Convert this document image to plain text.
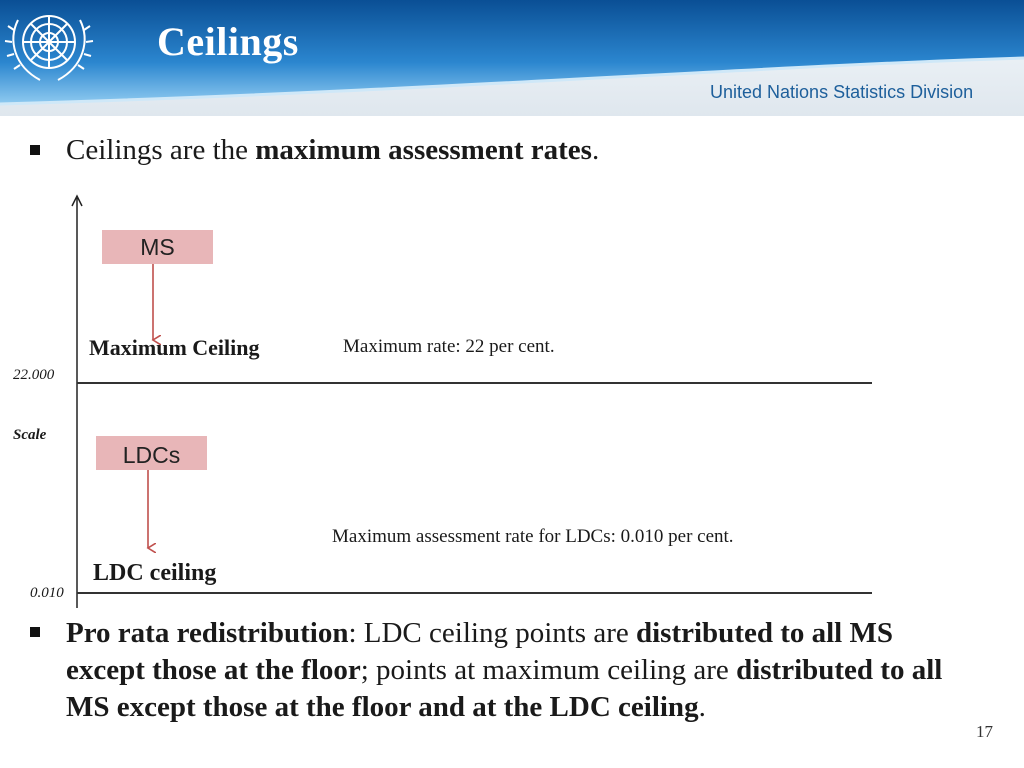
Ceilings
United Nations Statistics Division
Ceilings are the maximum assessment rates.
MS
LDCs
Maximum Ceiling	Maximum rate: 22 per cent.
22.000
Scale
Maximum assessment rate for LDCs: 0.010 per cent.
LDC ceiling
0.010
Pro rata redistribution: LDC ceiling points are distributed to all MS except those at the floor; points at maximum ceiling are distributed to all MS except those at the floor and at the LDC ceiling.
17
